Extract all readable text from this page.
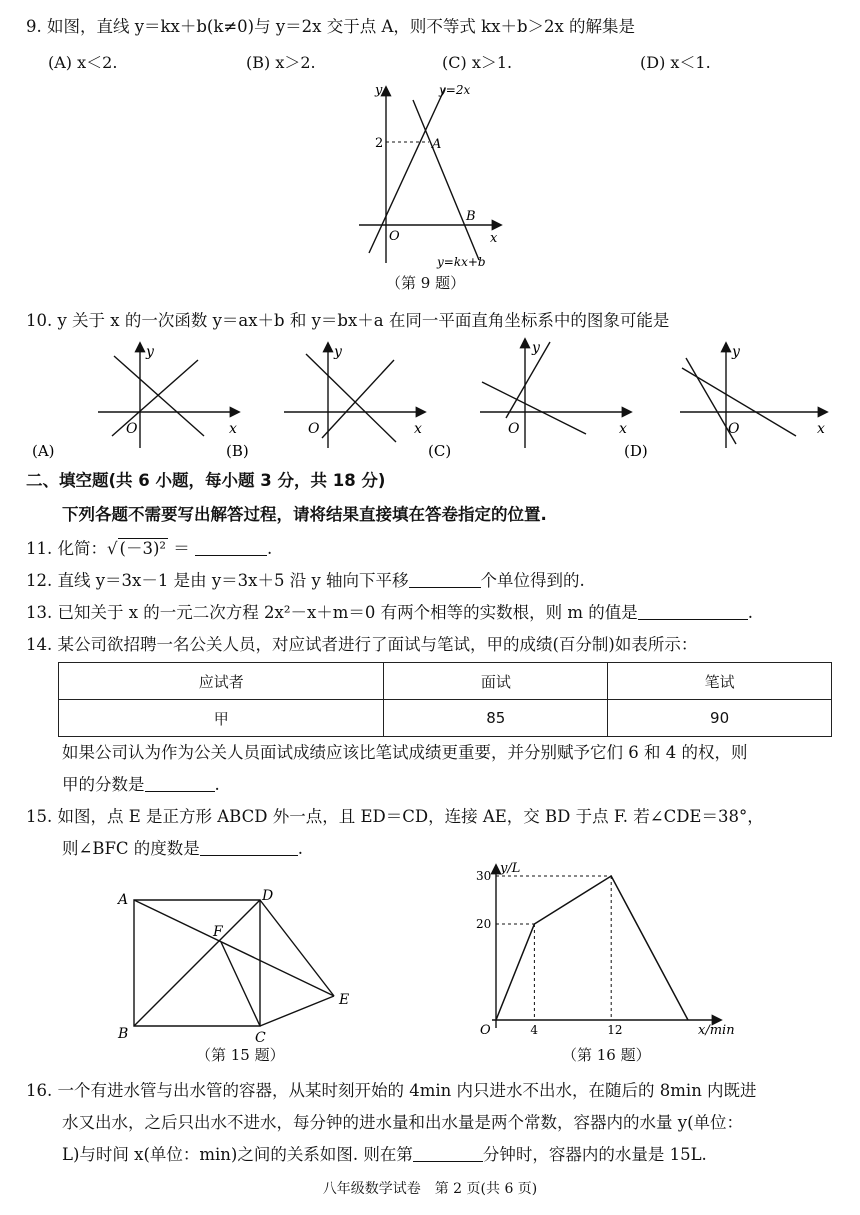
9. 如图，直线 y＝kx＋b(k≠0)与 y＝2x 交于点 A，则不等式 kx＋b＞2x 的解集是
(A) x＜2.	(B) x＞2.	(C) x＞1.	(D) x＜1.
y
x
O
2	A
B
y=2x
y=kx+b
（第 9 题）
10. y 关于 x 的一次函数 y＝ax＋b 和 y＝bx＋a 在同一平面直角坐标系中的图象可能是
y
O	x
(A)
y
O	x
(B)
y
O	x
(C)
y
O	x
(D)
二、填空题(共 6 小题，每小题 3 分，共 18 分)
下列各题不需要写出解答过程，请将结果直接填在答卷指定的位置.
11. 化简：√ (－3)² ＝	.
12. 直线 y＝3x－1 是由 y＝3x＋5 沿 y 轴向下平移	个单位得到的.
13. 已知关于 x 的一元二次方程 2x²－x＋m＝0 有两个相等的实数根，则 m 的值是	.
14. 某公司欲招聘一名公关人员，对应试者进行了面试与笔试，甲的成绩(百分制)如表所示：
应试者	面试	笔试
甲	85	90
如果公司认为作为公关人员面试成绩应该比笔试成绩更重要，并分别赋予它们 6 和 4 的权，则
甲的分数是	.
15. 如图，点 E 是正方形 ABCD 外一点，且 ED＝CD，连接 AE，交 BD 于点 F. 若∠CDE＝38°，
则∠BFC 的度数是	.
A
B	C
D
E
F
（第 15 题）
y/L
x/min
O	4	12
20
30
（第 16 题）
16. 一个有进水管与出水管的容器，从某时刻开始的 4min 内只进水不出水，在随后的 8min 内既进
水又出水，之后只出水不进水，每分钟的进水量和出水量是两个常数，容器内的水量 y(单位：
L)与时间 x(单位：min)之间的关系如图. 则在第	分钟时，容器内的水量是 15L.
八年级数学试卷　第 2 页(共 6 页)
